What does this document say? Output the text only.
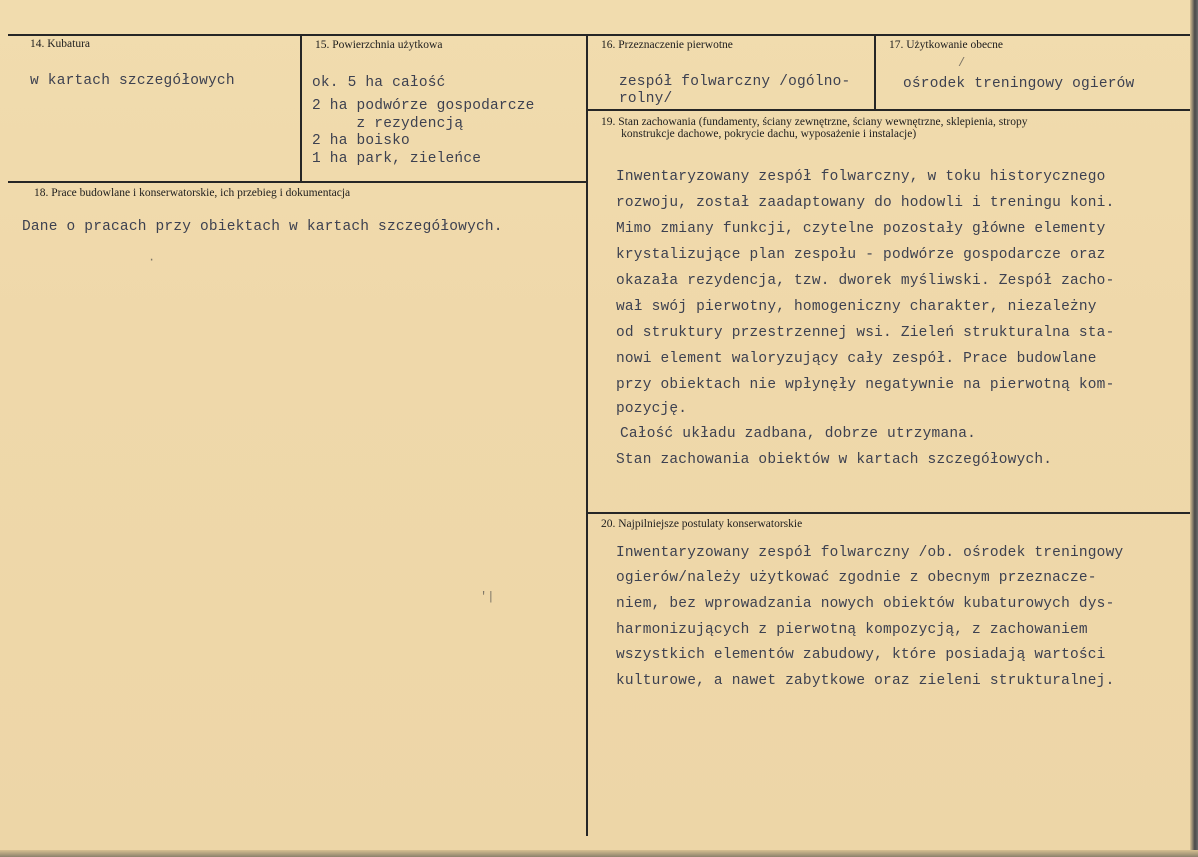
14. Kubatura
w kartach szczegółowych
15. Powierzchnia użytkowa
ok. 5 ha całość
2 ha podwórze gospodarcze
z rezydencją
2 ha boisko
1 ha park, zieleńce
16. Przeznaczenie pierwotne
zespół folwarczny /ogólno-
rolny/
17. Użytkowanie obecne
ośrodek treningowy ogierów
18. Prace budowlane i konserwatorskie, ich przebieg i dokumentacja
Dane o pracach przy obiektach w kartach szczegółowych.
19. Stan zachowania (fundamenty, ściany zewnętrzne, ściany wewnętrzne, sklepienia, stropy
konstrukcje dachowe, pokrycie dachu, wyposażenie i instalacje)
Inwentaryzowany zespół folwarczny, w toku historycznego
rozwoju, został zaadaptowany do hodowli i treningu koni.
Mimo zmiany funkcji, czytelne pozostały główne elementy
krystalizujące plan zespołu - podwórze gospodarcze oraz
okazała rezydencja, tzw. dworek myśliwski. Zespół zacho-
wał swój pierwotny, homogeniczny charakter, niezależny
od struktury przestrzennej wsi. Zieleń strukturalna sta-
nowi element waloryzujący cały zespół. Prace budowlane
przy obiektach nie wpłynęły negatywnie na pierwotną kom-
pozycję.
Całość układu zadbana, dobrze utrzymana.
Stan zachowania obiektów w kartach szczegółowych.
20. Najpilniejsze postulaty konserwatorskie
Inwentaryzowany zespół folwarczny /ob. ośrodek treningowy
ogierów/należy użytkować zgodnie z obecnym przeznacze-
niem, bez wprowadzania nowych obiektów kubaturowych dys-
harmonizujących z pierwotną kompozycją, z zachowaniem
wszystkich elementów zabudowy, które posiadają wartości
kulturowe, a nawet zabytkowe oraz zieleni strukturalnej.
/
·
'|
